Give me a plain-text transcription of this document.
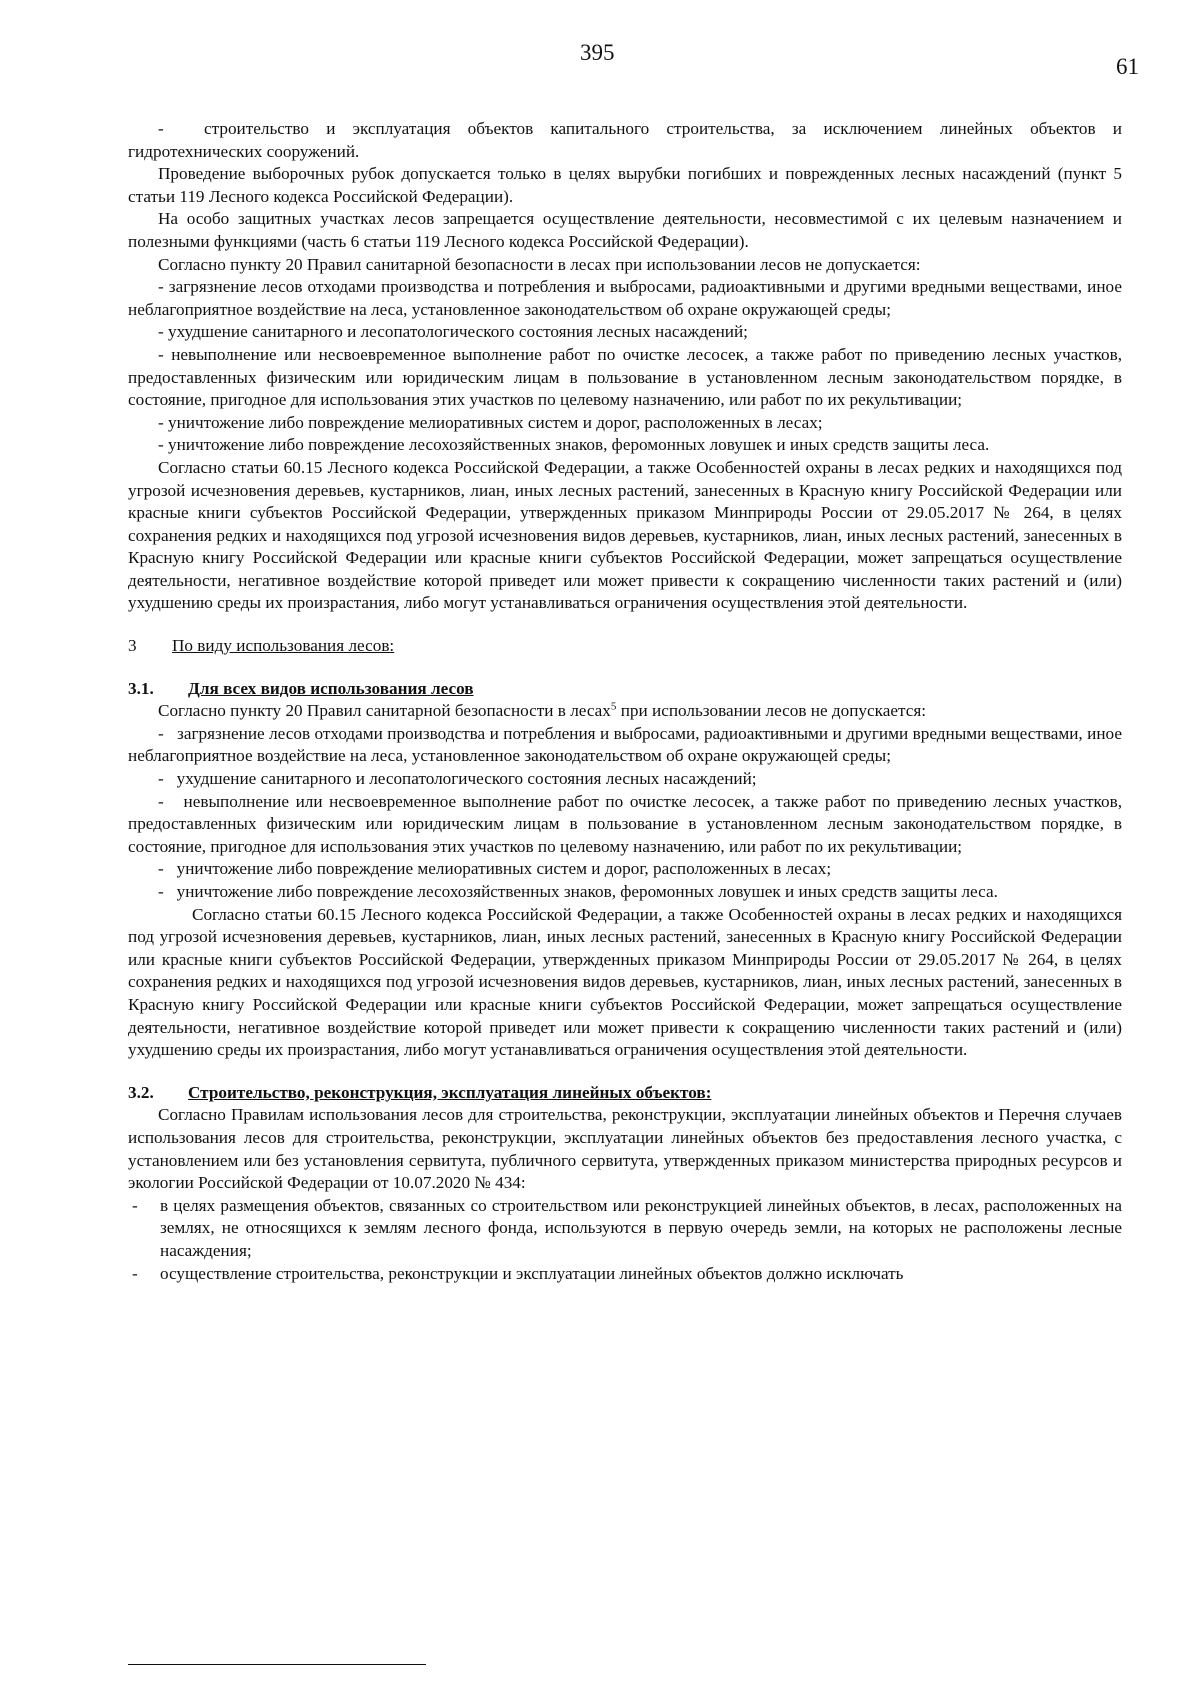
395
61

- строительство и эксплуатация объектов капитального строительства, за исключением линейных объектов и гидротехнических сооружений.

Проведение выборочных рубок допускается только в целях вырубки погибших и поврежденных лесных насаждений (пункт 5 статьи 119 Лесного кодекса Российской Федерации).

На особо защитных участках лесов запрещается осуществление деятельности, несовместимой с их целевым назначением и полезными функциями (часть 6 статьи 119 Лесного кодекса Российской Федерации).

Согласно пункту 20 Правил санитарной безопасности в лесах при использовании лесов не допускается:

- загрязнение лесов отходами производства и потребления и выбросами, радиоактивными и другими вредными веществами, иное неблагоприятное воздействие на леса, установленное законодательством об охране окружающей среды;

- ухудшение санитарного и лесопатологического состояния лесных насаждений;

- невыполнение или несвоевременное выполнение работ по очистке лесосек, а также работ по приведению лесных участков, предоставленных физическим или юридическим лицам в пользование в установленном лесным законодательством порядке, в состояние, пригодное для использования этих участков по целевому назначению, или работ по их рекультивации;

- уничтожение либо повреждение мелиоративных систем и дорог, расположенных в лесах;

- уничтожение либо повреждение лесохозяйственных знаков, феромонных ловушек и иных средств защиты леса.

Согласно статьи 60.15 Лесного кодекса Российской Федерации, а также Особенностей охраны в лесах редких и находящихся под угрозой исчезновения деревьев, кустарников, лиан, иных лесных растений, занесенных в Красную книгу Российской Федерации или красные книги субъектов Российской Федерации, утвержденных приказом Минприроды России от 29.05.2017 № 264, в целях сохранения редких и находящихся под угрозой исчезновения видов деревьев, кустарников, лиан, иных лесных растений, занесенных в Красную книгу Российской Федерации или красные книги субъектов Российской Федерации, может запрещаться осуществление деятельности, негативное воздействие которой приведет или может привести к сокращению численности таких растений и (или) ухудшению среды их произрастания, либо могут устанавливаться ограничения осуществления этой деятельности.

3 По виду использования лесов:

3.1. Для всех видов использования лесов

Согласно пункту 20 Правил санитарной безопасности в лесах$^5$ при использовании лесов не допускается:

- загрязнение лесов отходами производства и потребления и выбросами, радиоактивными и другими вредными веществами, иное неблагоприятное воздействие на леса, установленное законодательством об охране окружающей среды;

- ухудшение санитарного и лесопатологического состояния лесных насаждений;

- невыполнение или несвоевременное выполнение работ по очистке лесосек, а также работ по приведению лесных участков, предоставленных физическим или юридическим лицам в пользование в установленном лесным законодательством порядке, в состояние, пригодное для использования этих участков по целевому назначению, или работ по их рекультивации;

- уничтожение либо повреждение мелиоративных систем и дорог, расположенных в лесах;

- уничтожение либо повреждение лесохозяйственных знаков, феромонных ловушек и иных средств защиты леса.

Согласно статьи 60.15 Лесного кодекса Российской Федерации, а также Особенностей охраны в лесах редких и находящихся под угрозой исчезновения деревьев, кустарников, лиан, иных лесных растений, занесенных в Красную книгу Российской Федерации или красные книги субъектов Российской Федерации, утвержденных приказом Минприроды России от 29.05.2017 № 264, в целях сохранения редких и находящихся под угрозой исчезновения видов деревьев, кустарников, лиан, иных лесных растений, занесенных в Красную книгу Российской Федерации или красные книги субъектов Российской Федерации, может запрещаться осуществление деятельности, негативное воздействие которой приведет или может привести к сокращению численности таких растений и (или) ухудшению среды их произрастания, либо могут устанавливаться ограничения осуществления этой деятельности.

3.2. Строительство, реконструкция, эксплуатация линейных объектов:

Согласно Правилам использования лесов для строительства, реконструкции, эксплуатации линейных объектов и Перечня случаев использования лесов для строительства, реконструкции, эксплуатации линейных объектов без предоставления лесного участка, с установлением или без установления сервитута, публичного сервитута, утвержденных приказом министерства природных ресурсов и экологии Российской Федерации от 10.07.2020 № 434:

- в целях размещения объектов, связанных со строительством или реконструкцией линейных объектов, в лесах, расположенных на землях, не относящихся к землям лесного фонда, используются в первую очередь земли, на которых не расположены лесные насаждения;

- осуществление строительства, реконструкции и эксплуатации линейных объектов должно исключать
